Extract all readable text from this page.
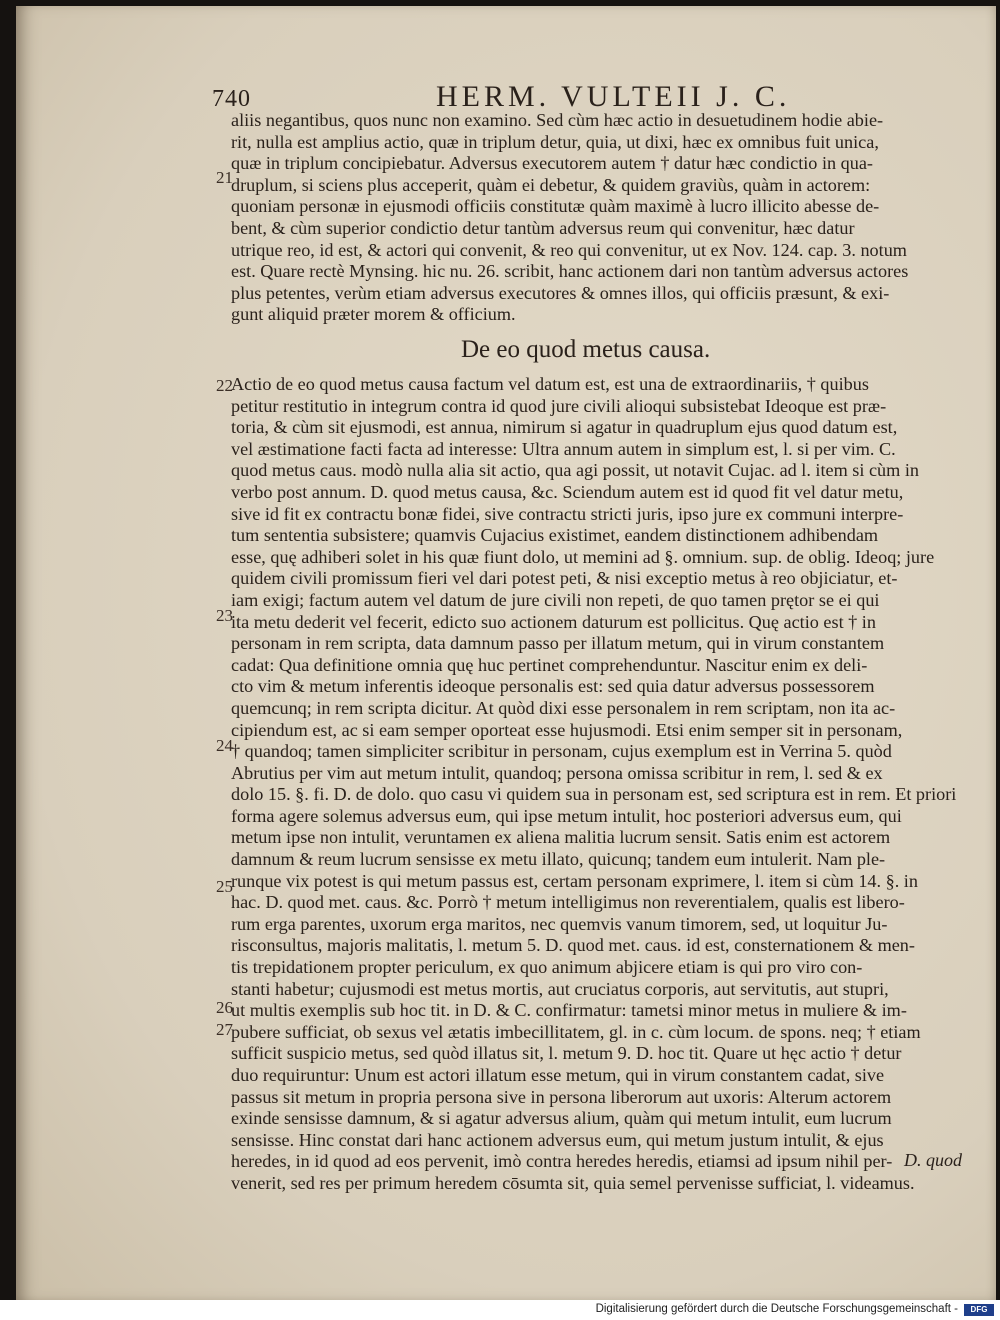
740	HERM. VULTEII J. C.
aliis negantibus, quos nunc non examino. Sed cùm hæc actio in desuetudinem hodie abie-
rit, nulla est amplius actio, quæ in triplum detur, quia, ut dixi, hæc ex omnibus fuit unica,
quæ in triplum concipiebatur. Adversus executorem autem † datur hæc condictio in qua-
druplum, si sciens plus acceperit, quàm ei debetur, & quidem graviùs, quàm in actorem:
quoniam personæ in ejusmodi officiis constitutæ quàm maximè à lucro illicito abesse de-
bent, & cùm superior condictio detur tantùm adversus reum qui convenitur, hæc datur
utrique reo, id est, & actori qui convenit, & reo qui convenitur, ut ex Nov. 124. cap. 3. notum
est. Quare rectè Mynsing. hic nu. 26. scribit, hanc actionem dari non tantùm adversus actores
plus petentes, verùm etiam adversus executores & omnes illos, qui officiis præsunt, & exi-
gunt aliquid præter morem & officium.
De eo quod metus causa.
Actio de eo quod metus causa factum vel datum est, est una de extraordinariis, † quibus
petitur restitutio in integrum contra id quod jure civili alioqui subsistebat Ideoque est præ-
toria, & cùm sit ejusmodi, est annua, nimirum si agatur in quadruplum ejus quod datum est,
vel æstimatione facti facta ad interesse: Ultra annum autem in simplum est, l. si per vim. C.
quod metus caus. modò nulla alia sit actio, qua agi possit, ut notavit Cujac. ad l. item si cùm in
verbo post annum. D. quod metus causa, &c. Sciendum autem est id quod fit vel datur metu,
sive id fit ex contractu bonæ fidei, sive contractu stricti juris, ipso jure ex communi interpre-
tum sententia subsistere; quamvis Cujacius existimet, eandem distinctionem adhibendam
esse, quę adhiberi solet in his quæ fiunt dolo, ut memini ad §. omnium. sup. de oblig. Ideoq; jure
quidem civili promissum fieri vel dari potest peti, & nisi exceptio metus à reo objiciatur, et-
iam exigi; factum autem vel datum de jure civili non repeti, de quo tamen prętor se ei qui
ita metu dederit vel fecerit, edicto suo actionem daturum est pollicitus. Quę actio est † in
personam in rem scripta, data damnum passo per illatum metum, qui in virum constantem
cadat: Qua definitione omnia quę huc pertinet comprehenduntur. Nascitur enim ex deli-
cto vim & metum inferentis ideoque personalis est: sed quia datur adversus possessorem
quemcunq; in rem scripta dicitur. At quòd dixi esse personalem in rem scriptam, non ita ac-
cipiendum est, ac si eam semper oporteat esse hujusmodi. Etsi enim semper sit in personam,
† quandoq; tamen simpliciter scribitur in personam, cujus exemplum est in Verrina 5. quòd
Abrutius per vim aut metum intulit, quandoq; persona omissa scribitur in rem, l. sed & ex
dolo 15. §. fi. D. de dolo. quo casu vi quidem sua in personam est, sed scriptura est in rem. Et priori
forma agere solemus adversus eum, qui ipse metum intulit, hoc posteriori adversus eum, qui
metum ipse non intulit, veruntamen ex aliena malitia lucrum sensit. Satis enim est actorem
damnum & reum lucrum sensisse ex metu illato, quicunq; tandem eum intulerit. Nam ple-
runque vix potest is qui metum passus est, certam personam exprimere, l. item si cùm 14. §. in
hac. D. quod met. caus. &c. Porrò † metum intelligimus non reverentialem, qualis est libero-
rum erga parentes, uxorum erga maritos, nec quemvis vanum timorem, sed, ut loquitur Ju-
risconsultus, majoris malitatis, l. metum 5. D. quod met. caus. id est, consternationem & men-
tis trepidationem propter periculum, ex quo animum abjicere etiam is qui pro viro con-
stanti habetur; cujusmodi est metus mortis, aut cruciatus corporis, aut servitutis, aut stupri,
ut multis exemplis sub hoc tit. in D. & C. confirmatur: tametsi minor metus in muliere & im-
pubere sufficiat, ob sexus vel ætatis imbecillitatem, gl. in c. cùm locum. de spons. neq; † etiam
sufficit suspicio metus, sed quòd illatus sit, l. metum 9. D. hoc tit. Quare ut hęc actio † detur
duo requiruntur: Unum est actori illatum esse metum, qui in virum constantem cadat, sive
passus sit metum in propria persona sive in persona liberorum aut uxoris: Alterum actorem
exinde sensisse damnum, & si agatur adversus alium, quàm qui metum intulit, eum lucrum
sensisse. Hinc constat dari hanc actionem adversus eum, qui metum justum intulit, & ejus
heredes, in id quod ad eos pervenit, imò contra heredes heredis, etiamsi ad ipsum nihil per-
venerit, sed res per primum heredem cōsumta sit, quia semel pervenisse sufficiat, l. videamus.
21
22
23
24
25
26
27
D. quod
Digitalisierung gefördert durch die Deutsche Forschungsgemeinschaft -	DFG
